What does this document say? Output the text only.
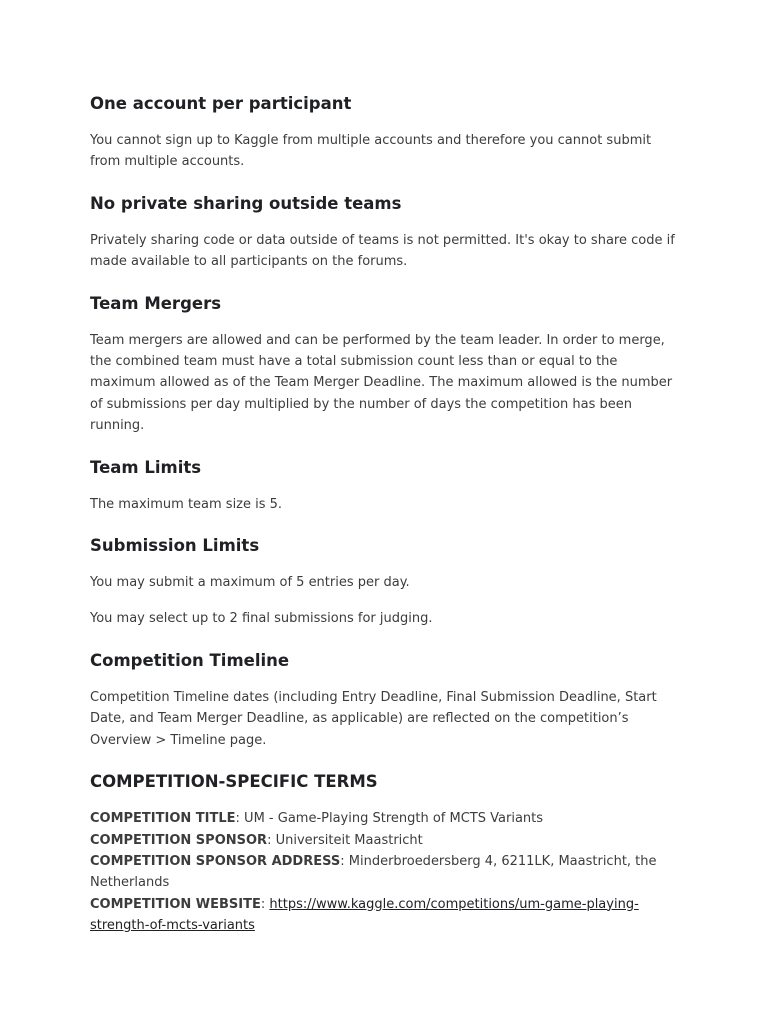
One account per participant

You cannot sign up to Kaggle from multiple accounts and therefore you cannot submit from multiple accounts.

No private sharing outside teams

Privately sharing code or data outside of teams is not permitted. It's okay to share code if made available to all participants on the forums.

Team Mergers

Team mergers are allowed and can be performed by the team leader. In order to merge, the combined team must have a total submission count less than or equal to the maximum allowed as of the Team Merger Deadline. The maximum allowed is the number of submissions per day multiplied by the number of days the competition has been running.

Team Limits

The maximum team size is 5.

Submission Limits

You may submit a maximum of 5 entries per day.

You may select up to 2 final submissions for judging.

Competition Timeline

Competition Timeline dates (including Entry Deadline, Final Submission Deadline, Start Date, and Team Merger Deadline, as applicable) are reflected on the competition’s Overview > Timeline page.

COMPETITION-SPECIFIC TERMS

COMPETITION TITLE: UM - Game-Playing Strength of MCTS Variants

COMPETITION SPONSOR: Universiteit Maastricht

COMPETITION SPONSOR ADDRESS: Minderbroedersberg 4, 6211LK, Maastricht, the Netherlands

COMPETITION WEBSITE: https://www.kaggle.com/competitions/um-game-playing-strength-of-mcts-variants
